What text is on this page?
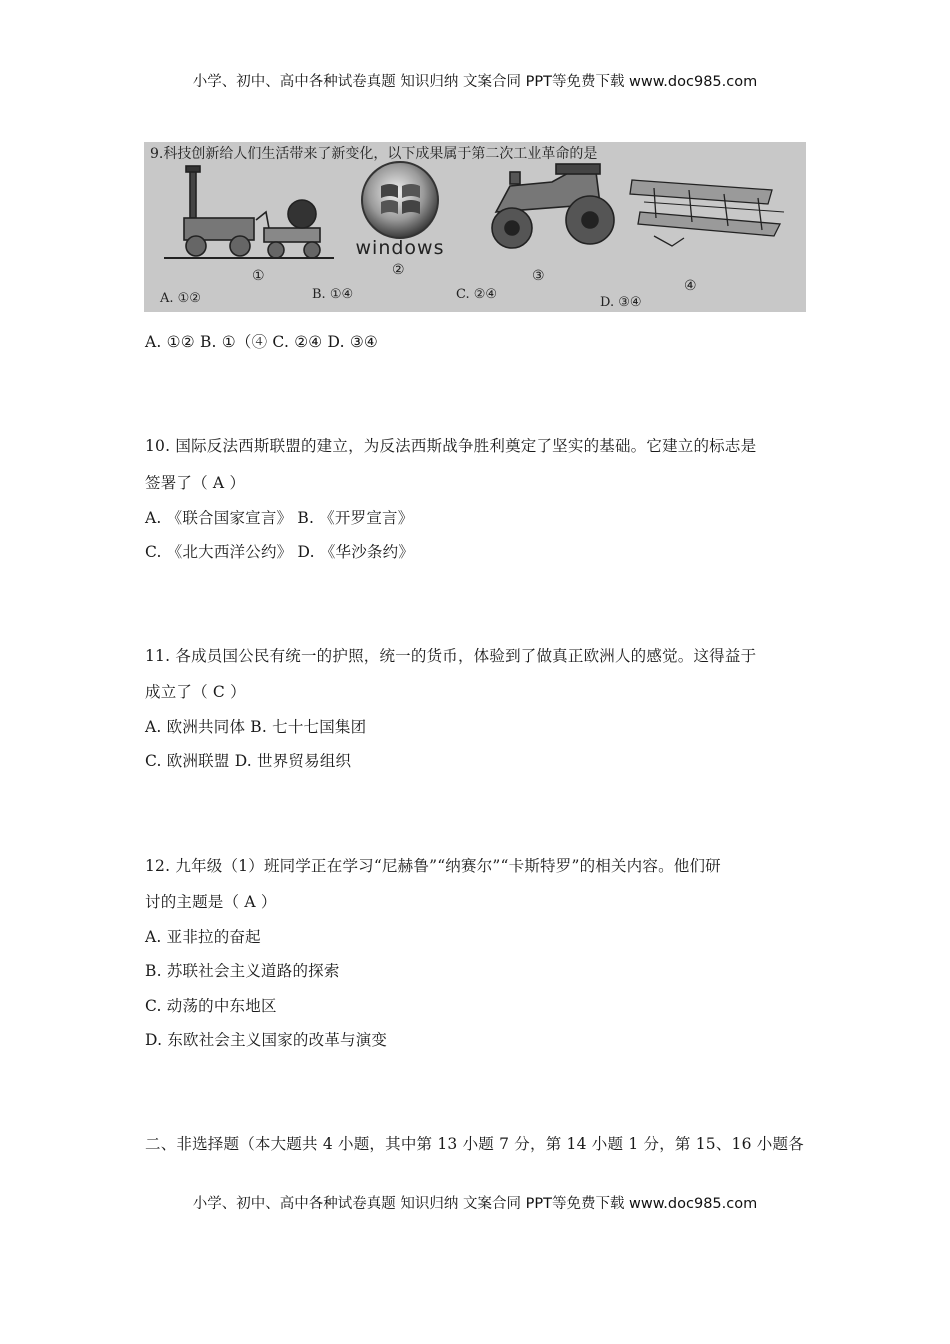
小学、初中、高中各种试卷真题 知识归纳 文案合同 PPT等免费下载 www.doc985.com
9.科技创新给人们生活带来了新变化，以下成果属于第二次工业革命的是
①
windows
②	③
④
A. ①②	B. ①④	C. ②④
D. ③④
A. ①② B. ①（④ C. ②④ D. ③④
10. 国际反法西斯联盟的建立，为反法西斯战争胜利奠定了坚实的基础。它建立的标志是
签署了（ A ）
A. 《联合国家宣言》 B. 《开罗宣言》
C. 《北大西洋公约》 D. 《华沙条约》
11. 各成员国公民有统一的护照，统一的货币，体验到了做真正欧洲人的感觉。这得益于
成立了（ C ）
A. 欧洲共同体 B. 七十七国集团
C. 欧洲联盟 D. 世界贸易组织
12. 九年级（1）班同学正在学习“尼赫鲁”“纳赛尔”“卡斯特罗”的相关内容。他们研
讨的主题是（ A ）
A. 亚非拉的奋起
B. 苏联社会主义道路的探索
C. 动荡的中东地区
D. 东欧社会主义国家的改革与演变
二、非选择题（本大题共 4 小题，其中第 13 小题 7 分，第 14 小题 1 分，第 15、16 小题各
小学、初中、高中各种试卷真题 知识归纳 文案合同 PPT等免费下载 www.doc985.com
